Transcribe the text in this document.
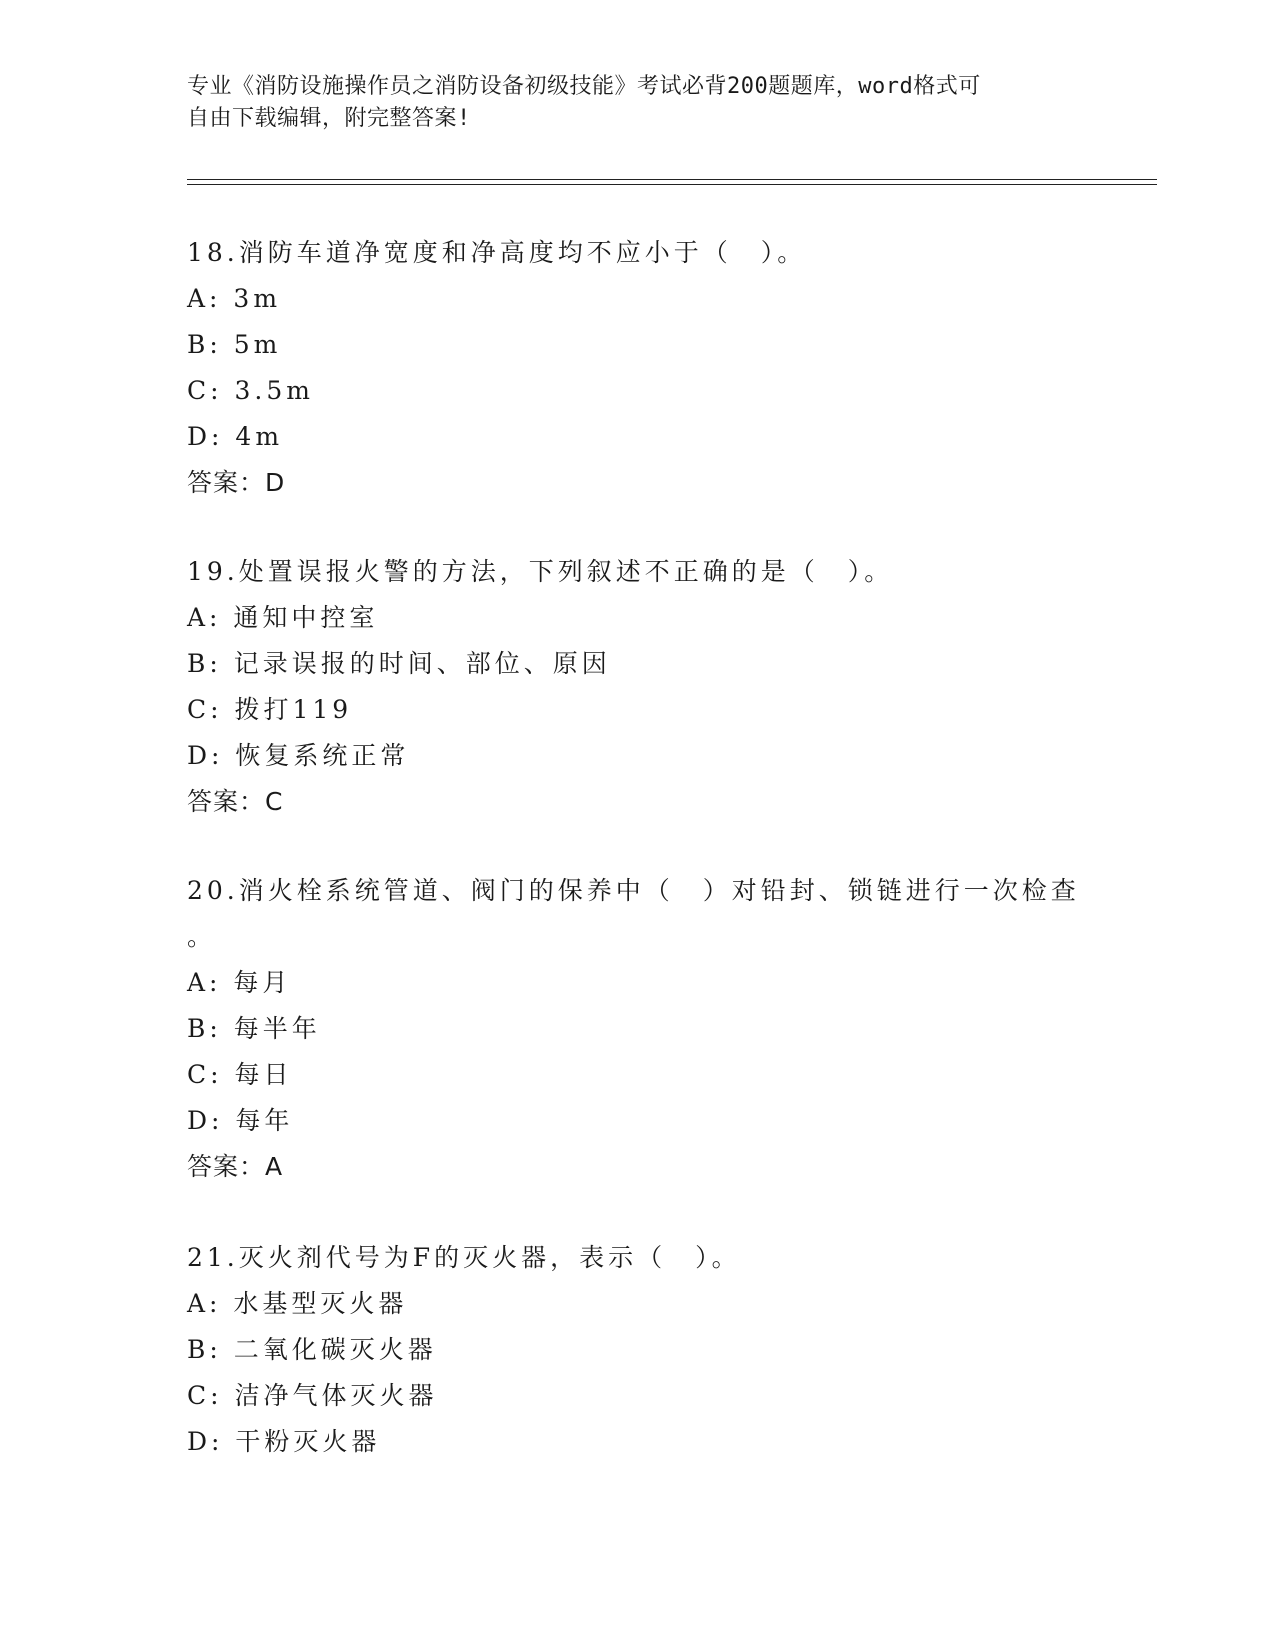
专业《消防设施操作员之消防设备初级技能》考试必背200题题库，word格式可
自由下载编辑，附完整答案!
18.消防车道净宽度和净高度均不应小于（　）。
A: 3m
B: 5m
C: 3.5m
D: 4m
答案：D
19.处置误报火警的方法，下列叙述不正确的是（　）。
A: 通知中控室
B: 记录误报的时间、部位、原因
C: 拨打119
D: 恢复系统正常
答案：C
20.消火栓系统管道、阀门的保养中（　）对铅封、锁链进行一次检查
。
A: 每月
B: 每半年
C: 每日
D: 每年
答案：A
21.灭火剂代号为F的灭火器，表示（　）。
A: 水基型灭火器
B: 二氧化碳灭火器
C: 洁净气体灭火器
D: 干粉灭火器
